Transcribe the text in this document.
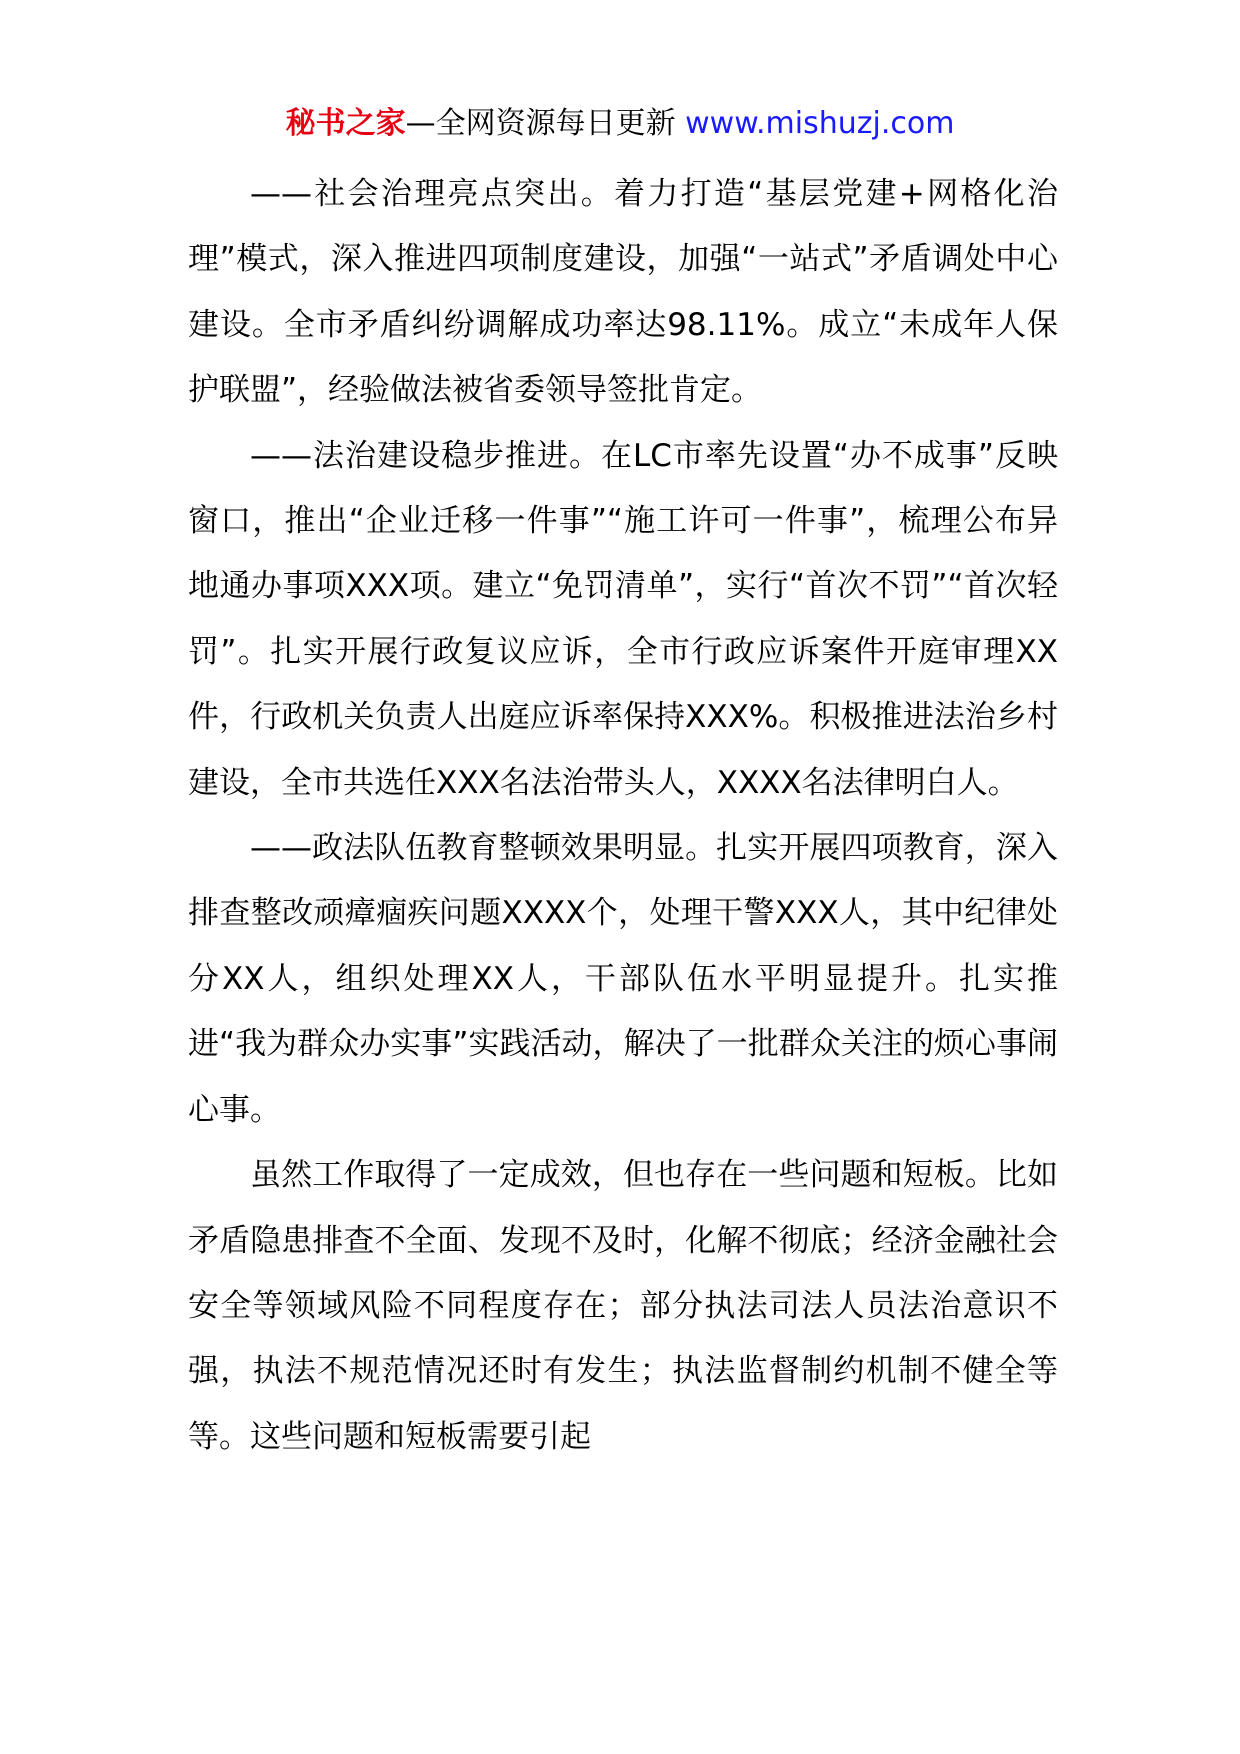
秘书之家—全网资源每日更新 www.mishuzj.com

——社会治理亮点突出。着力打造“基层党建+网格化治理”模式，深入推进四项制度建设，加强“一站式”矛盾调处中心建设。全市矛盾纠纷调解成功率达98.11%。成立“未成年人保护联盟”，经验做法被省委领导签批肯定。

——法治建设稳步推进。在LC市率先设置“办不成事”反映窗口，推出“企业迁移一件事”“施工许可一件事”，梳理公布异地通办事项XXX项。建立“免罚清单”，实行“首次不罚”“首次轻罚”。扎实开展行政复议应诉，全市行政应诉案件开庭审理XX件，行政机关负责人出庭应诉率保持XXX%。积极推进法治乡村建设，全市共选任XXX名法治带头人，XXXX名法律明白人。

——政法队伍教育整顿效果明显。扎实开展四项教育，深入排查整改顽瘴痼疾问题XXXX个，处理干警XXX人，其中纪律处分XX人，组织处理XX人，干部队伍水平明显提升。扎实推进“我为群众办实事”实践活动，解决了一批群众关注的烦心事闹心事。

虽然工作取得了一定成效，但也存在一些问题和短板。比如矛盾隐患排查不全面、发现不及时，化解不彻底；经济金融社会安全等领域风险不同程度存在；部分执法司法人员法治意识不强，执法不规范情况还时有发生；执法监督制约机制不健全等等。这些问题和短板需要引起
